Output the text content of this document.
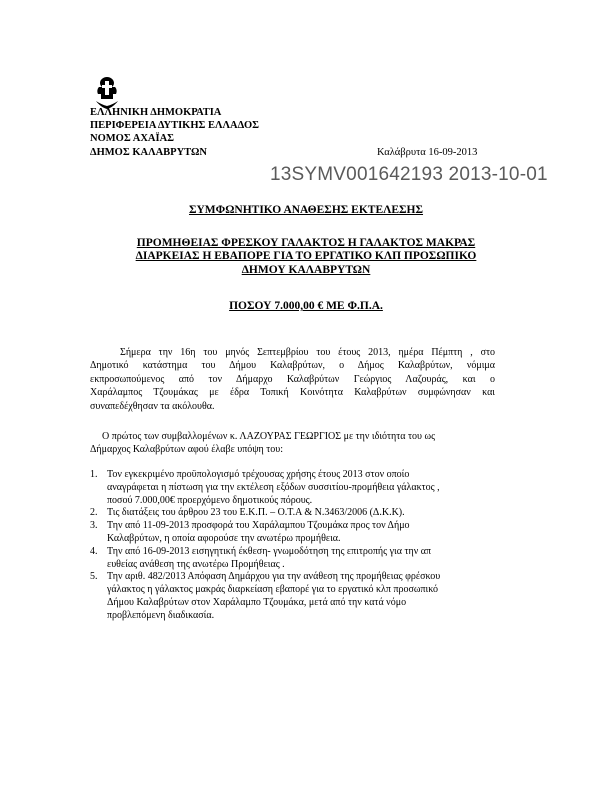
ΕΛΛΗΝΙΚΗ ΔΗΜΟΚΡΑΤΙΑ
ΠΕΡΙΦΕΡΕΙΑ ΔΥΤΙΚΗΣ ΕΛΛΑΔΟΣ
ΝΟΜΟΣ ΑΧΑΪΑΣ
ΔΗΜΟΣ ΚΑΛΑΒΡΥΤΩΝ	Καλάβρυτα 16-09-2013
13SYMV001642193 2013-10-01
ΣΥΜΦΩΝΗΤΙΚΟ ΑΝΑΘΕΣΗΣ ΕΚΤΕΛΕΣΗΣ
ΠΡΟΜΗΘΕΙΑΣ ΦΡΕΣΚΟΥ ΓΑΛΑΚΤΟΣ Η ΓΑΛΑΚΤΟΣ ΜΑΚΡΑΣ
ΔΙΑΡΚΕΙΑΣ Η ΕΒΑΠΟΡΕ ΓΙΑ ΤΟ ΕΡΓΑΤΙΚΟ ΚΛΠ ΠΡΟΣΩΠΙΚΟ
ΔΗΜΟΥ ΚΑΛΑΒΡΥΤΩΝ
ΠΟΣΟΥ 7.000,00 € ΜΕ Φ.Π.Α.
Σήμερα την 16η του μηνός Σεπτεμβρίου του έτους 2013, ημέρα Πέμπτη , στο
Δημοτικό κατάστημα του Δήμου Καλαβρύτων, ο Δήμος Καλαβρύτων, νόμιμα
εκπροσωπούμενος από τον Δήμαρχο Καλαβρύτων Γεώργιος Λαζουράς, και ο
Χαράλαμπος Τζουμάκας με έδρα Τοπική Κοινότητα Καλαβρύτων συμφώνησαν και
συναπεδέχθησαν τα ακόλουθα.
Ο πρώτος των συμβαλλομένων κ. ΛΑΖΟΥΡΑΣ ΓΕΩΡΓΙΟΣ με την ιδιότητα του ως
Δήμαρχος Καλαβρύτων αφού έλαβε υπόψη του:
1. Τον εγκεκριμένο προϋπολογισμό τρέχουσας χρήσης έτους 2013 στον οποίο
αναγράφεται η πίστωση για την εκτέλεση εξόδων συσσιτίου-προμήθεια γάλακτος ,
ποσού 7.000,00€ προερχόμενο δημοτικούς πόρους.
2. Τις διατάξεις του άρθρου 23 του Ε.Κ.Π. – Ο.Τ.Α & Ν.3463/2006 (Δ.Κ.Κ).
3. Την από 11-09-2013 προσφορά του Χαράλαμπου Τζουμάκα προς τον Δήμο
Καλαβρύτων, η οποία αφορούσε την ανωτέρω προμήθεια.
4. Την από 16-09-2013 εισηγητική έκθεση- γνωμοδότηση της επιτροπής για την απ
ευθείας ανάθεση της ανωτέρω Προμήθειας .
5. Την αριθ. 482/2013 Απόφαση Δημάρχου για την ανάθεση της προμήθειας φρέσκου
γάλακτος η γάλακτος μακράς διαρκείαση εβαπορέ για το εργατικό κλπ προσωπικό
Δήμου Καλαβρύτων στον Χαράλαμπο Τζουμάκα, μετά από την κατά νόμο
προβλεπόμενη διαδικασία.
